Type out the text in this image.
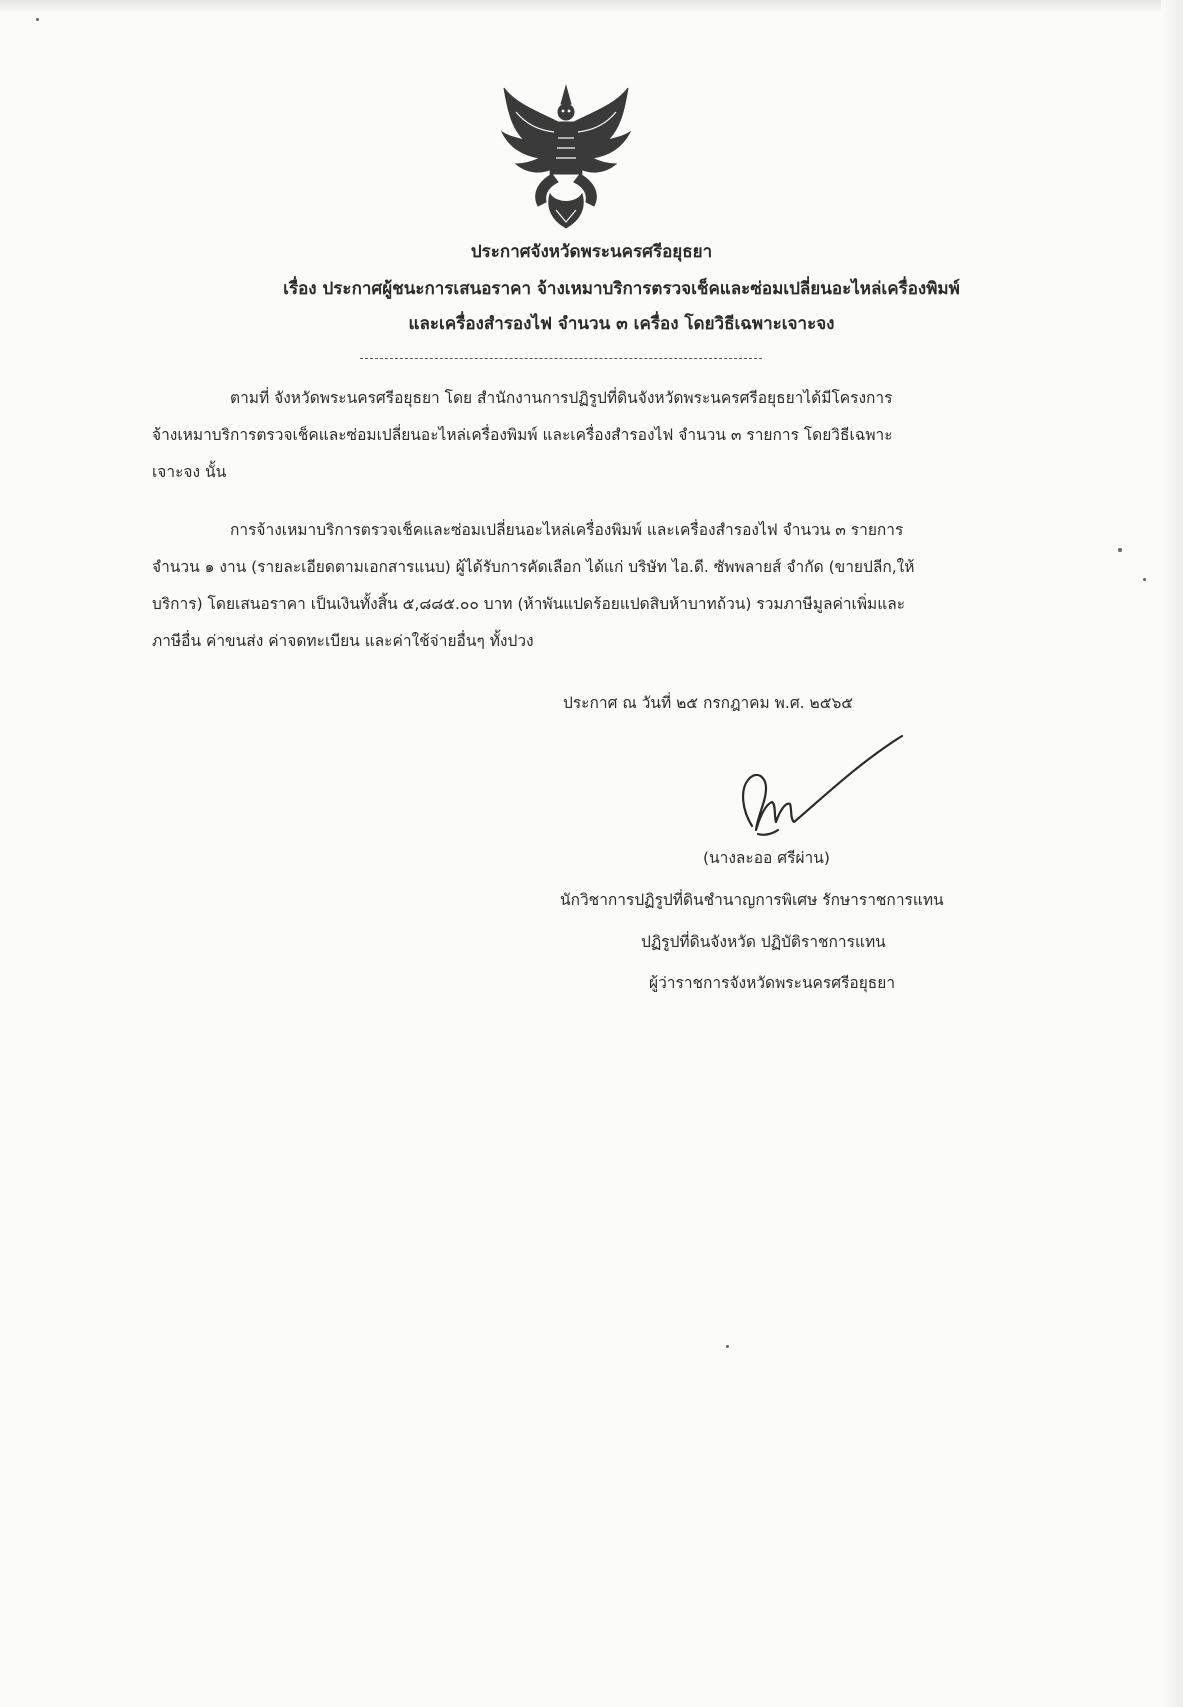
ประกาศจังหวัดพระนครศรีอยุธยา
เรื่อง ประกาศผู้ชนะการเสนอราคา จ้างเหมาบริการตรวจเช็คและซ่อมเปลี่ยนอะไหล่เครื่องพิมพ์
และเครื่องสำรองไฟ จำนวน ๓ เครื่อง โดยวิธีเฉพาะเจาะจง
ตามที่ จังหวัดพระนครศรีอยุธยา โดย สำนักงานการปฏิรูปที่ดินจังหวัดพระนครศรีอยุธยาได้มีโครงการ
จ้างเหมาบริการตรวจเช็คและซ่อมเปลี่ยนอะไหล่เครื่องพิมพ์ และเครื่องสำรองไฟ จำนวน ๓ รายการ โดยวิธีเฉพาะ
เจาะจง นั้น
การจ้างเหมาบริการตรวจเช็คและซ่อมเปลี่ยนอะไหล่เครื่องพิมพ์ และเครื่องสำรองไฟ จำนวน ๓ รายการ
จำนวน ๑ งาน (รายละเอียดตามเอกสารแนบ) ผู้ได้รับการคัดเลือก ได้แก่ บริษัท ไอ.ดี. ซัพพลายส์ จำกัด (ขายปลีก,ให้
บริการ) โดยเสนอราคา เป็นเงินทั้งสิ้น ๕,๘๘๕.๐๐ บาท (ห้าพันแปดร้อยแปดสิบห้าบาทถ้วน) รวมภาษีมูลค่าเพิ่มและ
ภาษีอื่น ค่าขนส่ง ค่าจดทะเบียน และค่าใช้จ่ายอื่นๆ ทั้งปวง
ประกาศ ณ วันที่ ๒๕ กรกฎาคม พ.ศ. ๒๕๖๕
(นางละออ ศรีผ่าน)
นักวิชาการปฏิรูปที่ดินชำนาญการพิเศษ รักษาราชการแทน
ปฏิรูปที่ดินจังหวัด ปฏิบัติราชการแทน
ผู้ว่าราชการจังหวัดพระนครศรีอยุธยา
